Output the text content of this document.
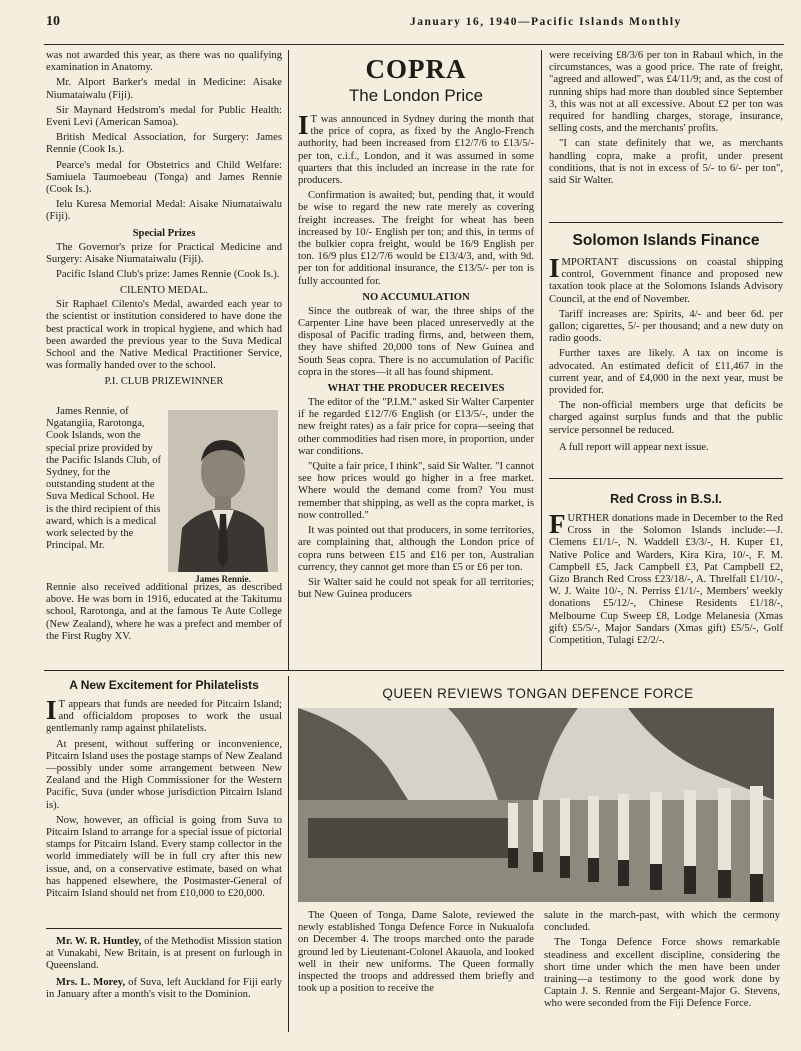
10	January 16, 1940—Pacific Islands Monthly

was not awarded this year, as there was no qualifying examination in Anatomy.

Mr. Alport Barker's medal in Medicine: Aisake Niumataiwalu (Fiji).

Sir Maynard Hedstrom's medal for Public Health: Eveni Levi (American Samoa).

British Medical Association, for Surgery: James Rennie (Cook Is.).

Pearce's medal for Obstetrics and Child Welfare: Samiuela Taumoebeau (Tonga) and James Rennie (Cook Is.).

Ielu Kuresa Memorial Medal: Aisake Niumataiwalu (Fiji).

Special Prizes

The Governor's prize for Practical Medicine and Surgery: Aisake Niumataiwalu (Fiji).

Pacific Island Club's prize: James Rennie (Cook Is.).

CILENTO MEDAL.

Sir Raphael Cilento's Medal, awarded each year to the scientist or institution considered to have done the best practical work in tropical hygiene, and which had been awarded the previous year to the Suva Medical School and the Native Medical Practitioner Service, was formally handed over to the school.

P.I. CLUB PRIZEWINNER

James Rennie, of Ngatangiia, Rarotonga, Cook Islands, won the special prize provided by the Pacific Islands Club, of Sydney, for the outstanding student at the Suva Medical School. He is the third recipient of this award, which is a medical work selected by the Principal. Mr.

James Rennie.

Rennie also received additional prizes, as described above. He was born in 1916, educated at the Takitumu school, Rarotonga, and at the famous Te Aute College (New Zealand), where he was a prefect and member of the First Rugby XV.

COPRA
The London Price

IT was announced in Sydney during the month that the price of copra, as fixed by the Anglo-French authority, had been increased from £12/7/6 to £13/5/- per ton, c.i.f., London, and it was assumed in some quarters that this included an increase in the rate for producers.

Confirmation is awaited; but, pending that, it would be wise to regard the new rate merely as covering freight increases. The freight for wheat has been increased by 10/- English per ton; and this, in terms of the bulkier copra freight, would be 16/9 English per ton. 16/9 plus £12/7/6 would be £13/4/3, and, with 9d. per ton for additional insurance, the £13/5/- per ton is fully accounted for.

NO ACCUMULATION

Since the outbreak of war, the three ships of the Carpenter Line have been placed unreservedly at the disposal of Pacific trading firms, and, between them, they have shifted 20,000 tons of New Guinea and South Seas copra. There is no accumulation of Pacific copra in the stores—it all has found shipment.

WHAT THE PRODUCER RECEIVES

The editor of the "P.I.M." asked Sir Walter Carpenter if he regarded £12/7/6 English (or £13/5/-, under the new freight rates) as a fair price for copra—seeing that other commodities had risen more, in proportion, under war conditions.

"Quite a fair price, I think", said Sir Walter. "I cannot see how prices would go higher in a free market. Where would the demand come from? You must remember that shipping, as well as the copra market, is now controlled."

It was pointed out that producers, in some territories, are complaining that, although the London price of copra runs between £15 and £16 per ton, Australian currency, they cannot get more than £5 or £6 per ton.

Sir Walter said he could not speak for all territories; but New Guinea producers

were receiving £8/3/6 per ton in Rabaul which, in the circumstances, was a good price. The rate of freight, "agreed and allowed", was £4/11/9; and, as the cost of running ships had more than doubled since September 3, this was not at all excessive. About £2 per ton was required for handling charges, storage, insurance, selling costs, and the merchants' profits.

"I can state definitely that we, as merchants handling copra, make a profit, under present conditions, that is not in excess of 5/- to 6/- per ton", said Sir Walter.

Solomon Islands Finance

IMPORTANT discussions on coastal shipping control, Government finance and proposed new taxation took place at the Solomons Islands Advisory Council, at the end of November.

Tariff increases are: Spirits, 4/- and beer 6d. per gallon; cigarettes, 5/- per thousand; and a new duty on radio goods.

Further taxes are likely. A tax on income is advocated. An estimated deficit of £11,467 in the current year, and of £4,000 in the next year, must be provided for.

The non-official members urge that deficits be charged against surplus funds and that the public service personnel be reduced.

A full report will appear next issue.

Red Cross in B.S.I.

FURTHER donations made in December to the Red Cross in the Solomon Islands include:—J. Clemens £1/1/-, N. Waddell £3/3/-, H. Kuper £1, Native Police and Warders, Kira Kira, 10/-, F. M. Campbell £5, Jack Campbell £3, Pat Campbell £2, Gizo Branch Red Cross £23/18/-, A. Threlfall £1/10/-, W. J. Waite 10/-, N. Perriss £1/1/-, Members' weekly donations £5/12/-, Chinese Residents £1/18/-, Melbourne Cup Sweep £8, Lodge Melanesia (Xmas gift) £5/5/-, Major Sandars (Xmas gift) £5/5/-, Golf Competition, Tulagi £2/2/-.

A New Excitement for Philatelists

IT appears that funds are needed for Pitcairn Island; and officialdom proposes to work the usual gentlemanly ramp against philatelists.

At present, without suffering or inconvenience, Pitcairn Island uses the postage stamps of New Zealand—possibly under some arrangement between New Zealand and the High Commissioner for the Western Pacific, Suva (under whose jurisdiction Pitcairn Island is).

Now, however, an official is going from Suva to Pitcairn Island to arrange for a special issue of pictorial stamps for Pitcairn Island. Every stamp collector in the world immediately will be in full cry after this new issue, and, on a conservative estimate, based on what has happened elsewhere, the Postmaster-General of Pitcairn Island should net from £10,000 to £20,000.

Mr. W. R. Huntley, of the Methodist Mission station at Vunakabi, New Britain, is at present on furlough in Queensland.

Mrs. L. Morey, of Suva, left Auckland for Fiji early in January after a month's visit to the Dominion.

QUEEN REVIEWS TONGAN DEFENCE FORCE

The Queen of Tonga, Dame Salote, reviewed the newly established Tonga Defence Force in Nukualofa on December 4. The troops marched onto the parade ground led by Lieutenant-Colonel Akauola, and looked well in their new uniforms. The Queen formally inspected the troops and addressed them briefly and took up a position to receive the

salute in the march-past, with which the cermony concluded.

The Tonga Defence Force shows remarkable steadiness and excellent discipline, considering the short time under which the men have been under training—a testimony to the good work done by Captain J. S. Rennie and Sergeant-Major G. Stevens, who were seconded from the Fiji Defence Force.
